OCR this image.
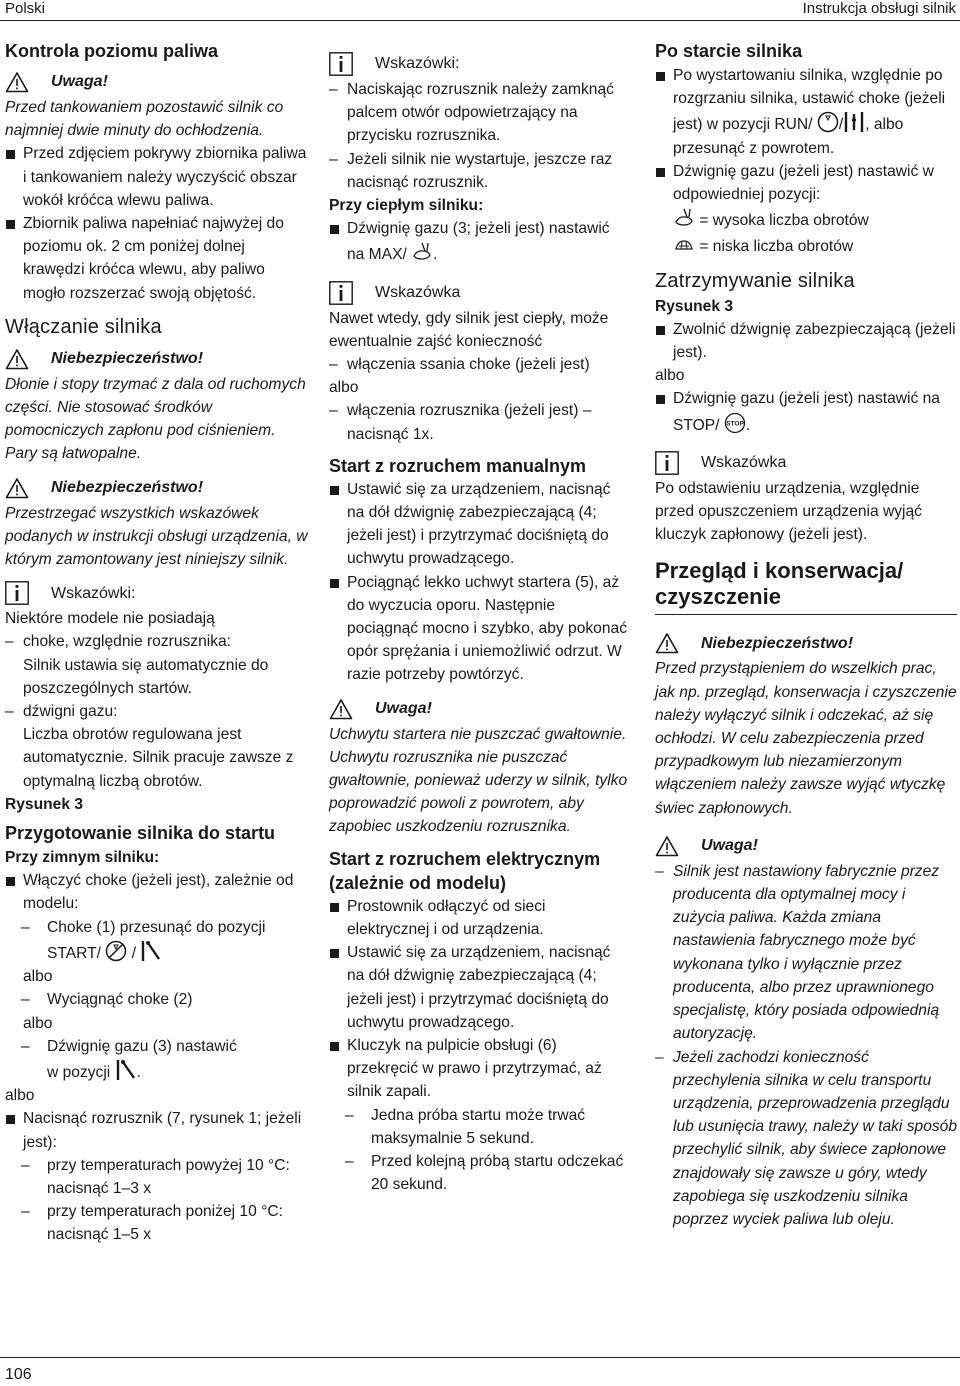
Polski	Instrukcja obsługi silnik
Kontrola poziomu paliwa
Uwaga!
Przed tankowaniem pozostawić silnik co najmniej dwie minuty do ochłodzenia.
Przed zdjęciem pokrywy zbiornika paliwa i tankowaniem należy wyczyścić obszar wokół króćca wlewu paliwa.
Zbiornik paliwa napełniać najwyżej do poziomu ok. 2 cm poniżej dolnej krawędzi króćca wlewu, aby paliwo mogło rozszerzać swoją objętość.
Włączanie silnika
Niebezpieczeństwo!
Dłonie i stopy trzymać z dala od ruchomych części. Nie stosować środków pomocniczych zapłonu pod ciśnieniem. Pary są łatwopalne.
Niebezpieczeństwo!
Przestrzegać wszystkich wskazówek podanych w instrukcji obsługi urządzenia, w którym zamontowany jest niniejszy silnik.
Wskazówki:
Niektóre modele nie posiadają
– choke, względnie rozrusznika:
Silnik ustawia się automatycznie do poszczególnych startów.
– dźwigni gazu:
Liczba obrotów regulowana jest automatycznie. Silnik pracuje zawsze z optymalną liczbą obrotów.
Rysunek 3
Przygotowanie silnika do startu
Przy zimnym silniku:
Włączyć choke (jeżeli jest), zależnie od modelu:
– Choke (1) przesunąć do pozycji
START/ /
albo
– Wyciągnąć choke (2)
albo
– Dźwignię gazu (3) nastawić
w pozycji .
albo
Nacisnąć rozrusznik (7, rysunek 1; jeżeli jest):
– przy temperaturach powyżej 10 °C: nacisnąć 1–3 x
– przy temperaturach poniżej 10 °C: nacisnąć 1–5 x
Wskazówki:
– Naciskając rozrusznik należy zamknąć palcem otwór odpowietrzający na przycisku rozrusznika.
– Jeżeli silnik nie wystartuje, jeszcze raz nacisnąć rozrusznik.
Przy ciepłym silniku:
Dźwignię gazu (3; jeżeli jest) nastawić na MAX/ .
Wskazówka
Nawet wtedy, gdy silnik jest ciepły, może ewentualnie zajść konieczność
– włączenia ssania choke (jeżeli jest)
albo
– włączenia rozrusznika (jeżeli jest) – nacisnąć 1x.
Start z rozruchem manualnym
Ustawić się za urządzeniem, nacisnąć na dół dźwignię zabezpieczającą (4; jeżeli jest) i przytrzymać dociśniętą do uchwytu prowadzącego.
Pociągnąć lekko uchwyt startera (5), aż do wyczucia oporu. Następnie pociągnąć mocno i szybko, aby pokonać opór sprężania i uniemożliwić odrzut. W razie potrzeby powtórzyć.
Uwaga!
Uchwytu startera nie puszczać gwałtownie. Uchwytu rozrusznika nie puszczać gwałtownie, ponieważ uderzy w silnik, tylko poprowadzić powoli z powrotem, aby zapobiec uszkodzeniu rozrusznika.
Start z rozruchem elektrycznym (zależnie od modelu)
Prostownik odłączyć od sieci elektrycznej i od urządzenia.
Ustawić się za urządzeniem, nacisnąć na dół dźwignię zabezpieczającą (4; jeżeli jest) i przytrzymać dociśniętą do uchwytu prowadzącego.
Kluczyk na pulpicie obsługi (6) przekręcić w prawo i przytrzymać, aż silnik zapali.
– Jedna próba startu może trwać maksymalnie 5 sekund.
– Przed kolejną próbą startu odczekać 20 sekund.
Po starcie silnika
Po wystartowaniu silnika, względnie po rozgrzaniu silnika, ustawić choke (jeżeli jest) w pozycji RUN/ / , albo przesunąć z powrotem.
Dźwignię gazu (jeżeli jest) nastawić w odpowiedniej pozycji:
= wysoka liczba obrotów
= niska liczba obrotów
Zatrzymywanie silnika
Rysunek 3
Zwolnić dźwignię zabezpieczającą (jeżeli jest).
albo
Dźwignię gazu (jeżeli jest) nastawić na STOP/ STOP .
Wskazówka
Po odstawieniu urządzenia, względnie przed opuszczeniem urządzenia wyjąć kluczyk zapłonowy (jeżeli jest).
Przegląd i konserwacja/ czyszczenie
Niebezpieczeństwo!
Przed przystąpieniem do wszelkich prac, jak np. przegląd, konserwacja i czyszczenie należy wyłączyć silnik i odczekać, aż się ochłodzi. W celu zabezpieczenia przed przypadkowym lub niezamierzonym włączeniem należy zawsze wyjąć wtyczkę świec zapłonowych.
Uwaga!
– Silnik jest nastawiony fabrycznie przez producenta dla optymalnej mocy i zużycia paliwa. Każda zmiana nastawienia fabrycznego może być wykonana tylko i wyłącznie przez producenta, albo przez uprawnionego specjalistę, który posiada odpowiednią autoryzację.
– Jeżeli zachodzi konieczność przechylenia silnika w celu transportu urządzenia, przeprowadzenia przeglądu lub usunięcia trawy, należy w taki sposób przechylić silnik, aby świece zapłonowe znajdowały się zawsze u góry, wtedy zapobiega się uszkodzeniu silnika poprzez wyciek paliwa lub oleju.
106
